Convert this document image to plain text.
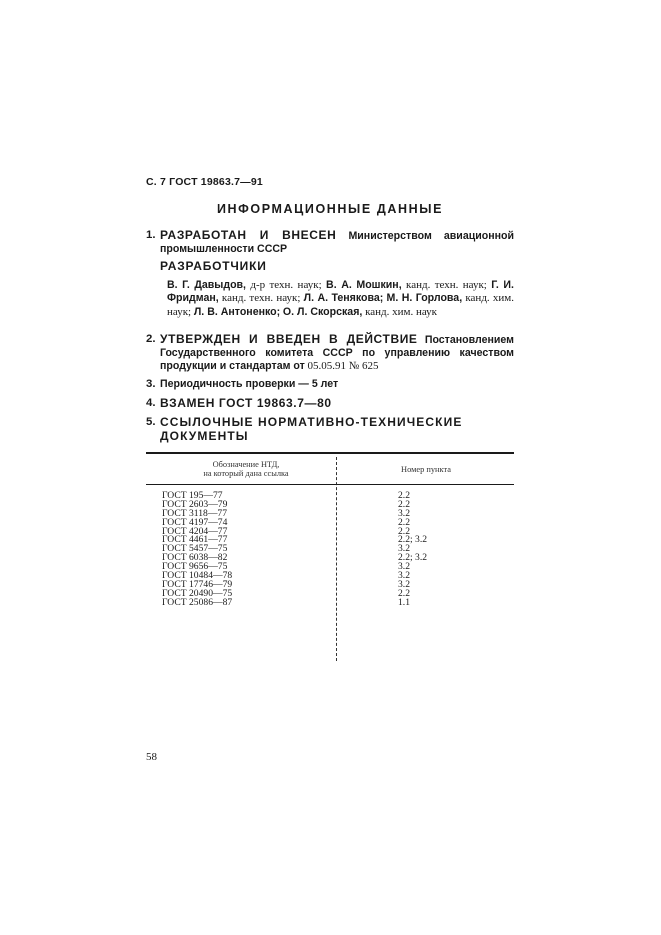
С. 7 ГОСТ 19863.7—91
ИНФОРМАЦИОННЫЕ ДАННЫЕ
1. РАЗРАБОТАН И ВНЕСЕН Министерством авиационной промышленности СССР
РАЗРАБОТЧИКИ
В. Г. Давыдов, д-р техн. наук; В. А. Мошкин, канд. техн. наук; Г. И. Фридман, канд. техн. наук; Л. А. Тенякова; М. Н. Горлова, канд. хим. наук; Л. В. Антоненко; О. Л. Скорская, канд. хим. наук
2. УТВЕРЖДЕН И ВВЕДЕН В ДЕЙСТВИЕ Постановлением Государственного комитета СССР по управлению качеством продукции и стандартам от 05.05.91 № 625
3. Периодичность проверки — 5 лет
4. ВЗАМЕН ГОСТ 19863.7—80
5. ССЫЛОЧНЫЕ НОРМАТИВНО-ТЕХНИЧЕСКИЕ ДОКУМЕНТЫ
Обозначение НТД,
на который дана ссылка	Номер пункта
ГОСТ 195—77	2.2
ГОСТ 2603—79	2.2
ГОСТ 3118—77	3.2
ГОСТ 4197—74	2.2
ГОСТ 4204—77	2.2
ГОСТ 4461—77	2.2; 3.2
ГОСТ 5457—75	3.2
ГОСТ 6038—82	2.2; 3.2
ГОСТ 9656—75	3.2
ГОСТ 10484—78	3.2
ГОСТ 17746—79	3.2
ГОСТ 20490—75	2.2
ГОСТ 25086—87	1.1
58
